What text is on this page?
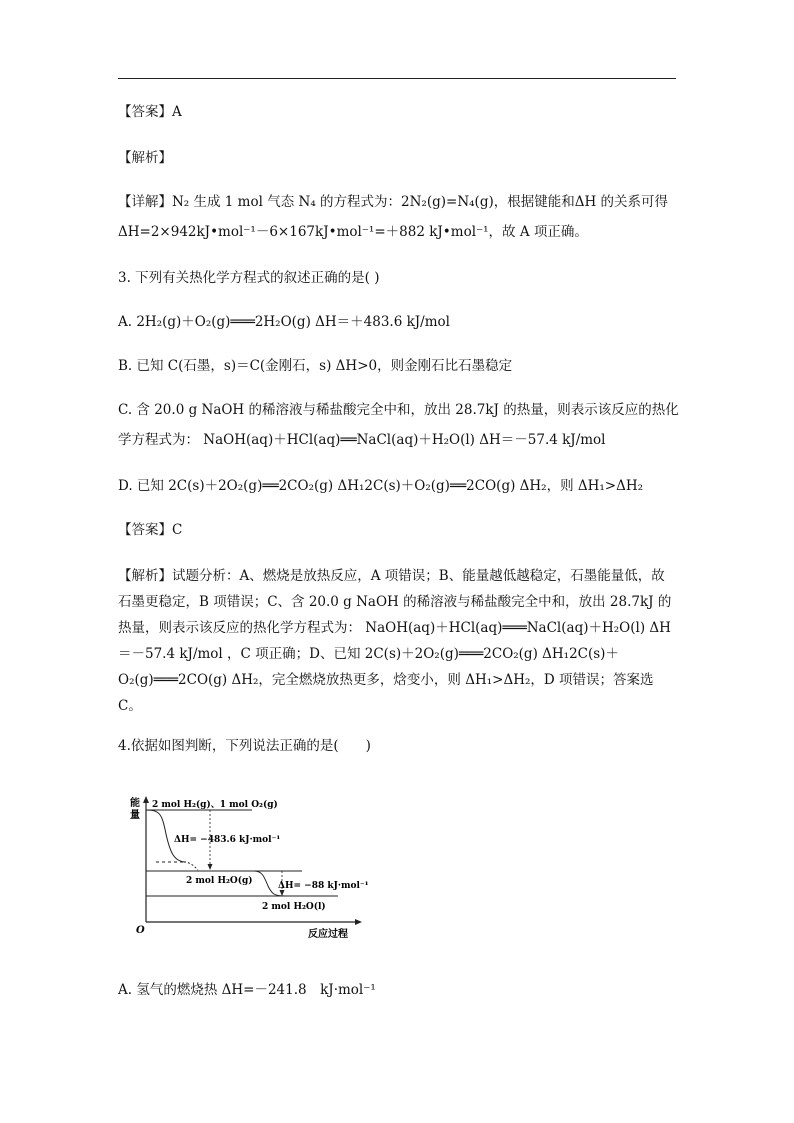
【答案】A
【解析】
【详解】N₂ 生成 1 mol 气态 N₄ 的方程式为：2N₂(g)=N₄(g)，根据键能和ΔH 的关系可得
ΔH=2×942kJ•mol⁻¹－6×167kJ•mol⁻¹=＋882 kJ•mol⁻¹，故 A 项正确。
3. 下列有关热化学方程式的叙述正确的是( )
A. 2H₂(g)＋O₂(g)═══2H₂O(g) ΔH＝＋483.6 kJ/mol
B. 已知 C(石墨，s)＝C(金刚石，s) ΔH>0，则金刚石比石墨稳定
C. 含 20.0 g NaOH 的稀溶液与稀盐酸完全中和，放出 28.7kJ 的热量，则表示该反应的热化
学方程式为： NaOH(aq)＋HCl(aq)══NaCl(aq)＋H₂O(l) ΔH＝－57.4 kJ/mol
D. 已知 2C(s)＋2O₂(g)══2CO₂(g) ΔH₁2C(s)＋O₂(g)══2CO(g) ΔH₂，则 ΔH₁>ΔH₂
【答案】C
【解析】试题分析：A、燃烧是放热反应，A 项错误；B、能量越低越稳定，石墨能量低，故石墨更稳定，B 项错误；C、含 20.0 g NaOH 的稀溶液与稀盐酸完全中和，放出 28.7kJ 的热量，则表示该反应的热化学方程式为： NaOH(aq)＋HCl(aq)═══NaCl(aq)＋H₂O(l) ΔH＝－57.4 kJ/mol ，C 项正确；D、已知 2C(s)＋2O₂(g)═══2CO₂(g) ΔH₁2C(s)＋O₂(g)═══2CO(g) ΔH₂，完全燃烧放热更多，焓变小，则 ΔH₁>ΔH₂，D 项错误；答案选 C。
4.依据如图判断，下列说法正确的是(　　)
能
量
O	反应过程
2 mol H₂(g)、1 mol O₂(g)
ΔH= −483.6 kJ·mol⁻¹
2 mol H₂O(g)	ΔH= −88 kJ·mol⁻¹
2 mol H₂O(l)
A. 氢气的燃烧热 ΔH=－241.8　kJ·mol⁻¹
